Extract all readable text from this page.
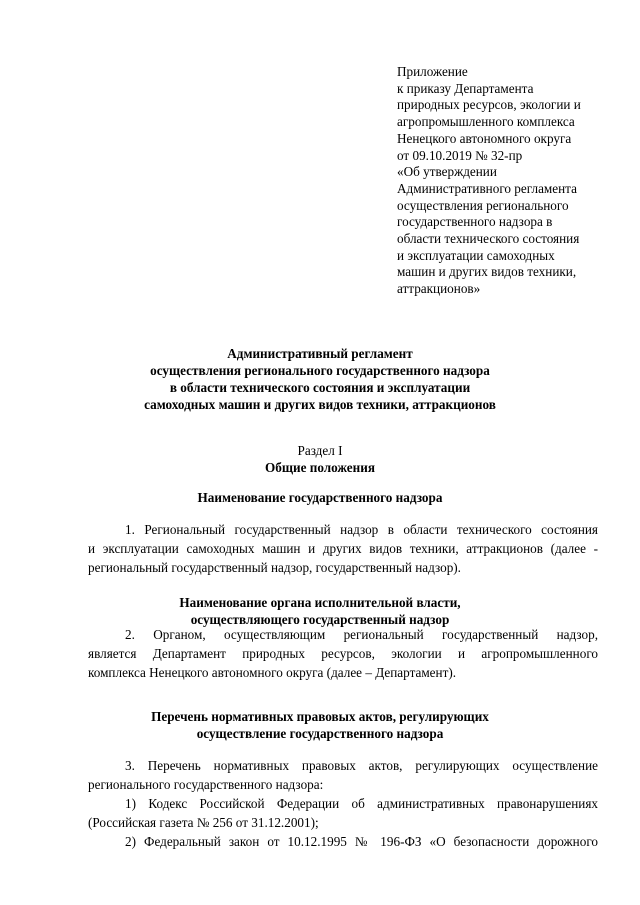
Приложение
к приказу Департамента
природных ресурсов, экологии и
агропромышленного комплекса
Ненецкого автономного округа
от 09.10.2019 № 32-пр
«Об утверждении
Административного регламента
осуществления регионального
государственного надзора в
области технического состояния
и эксплуатации самоходных
машин и других видов техники,
аттракционов»
Административный регламент
осуществления регионального государственного надзора
в области технического состояния и эксплуатации
самоходных машин и других видов техники, аттракционов
Раздел I
Общие положения
Наименование государственного надзора
1. Региональный государственный надзор в области технического состояния
и эксплуатации самоходных машин и других видов техники, аттракционов (далее -
региональный государственный надзор, государственный надзор).
Наименование органа исполнительной власти,
осуществляющего государственный надзор
2. Органом, осуществляющим региональный государственный надзор,
является Департамент природных ресурсов, экологии и агропромышленного
комплекса Ненецкого автономного округа (далее – Департамент).
Перечень нормативных правовых актов, регулирующих
осуществление государственного надзора
3. Перечень нормативных правовых актов, регулирующих осуществление
регионального государственного надзора:
1) Кодекс Российской Федерации об административных правонарушениях
(Российская газета № 256 от 31.12.2001);
2) Федеральный закон от 10.12.1995 № 196-ФЗ «О безопасности дорожного
